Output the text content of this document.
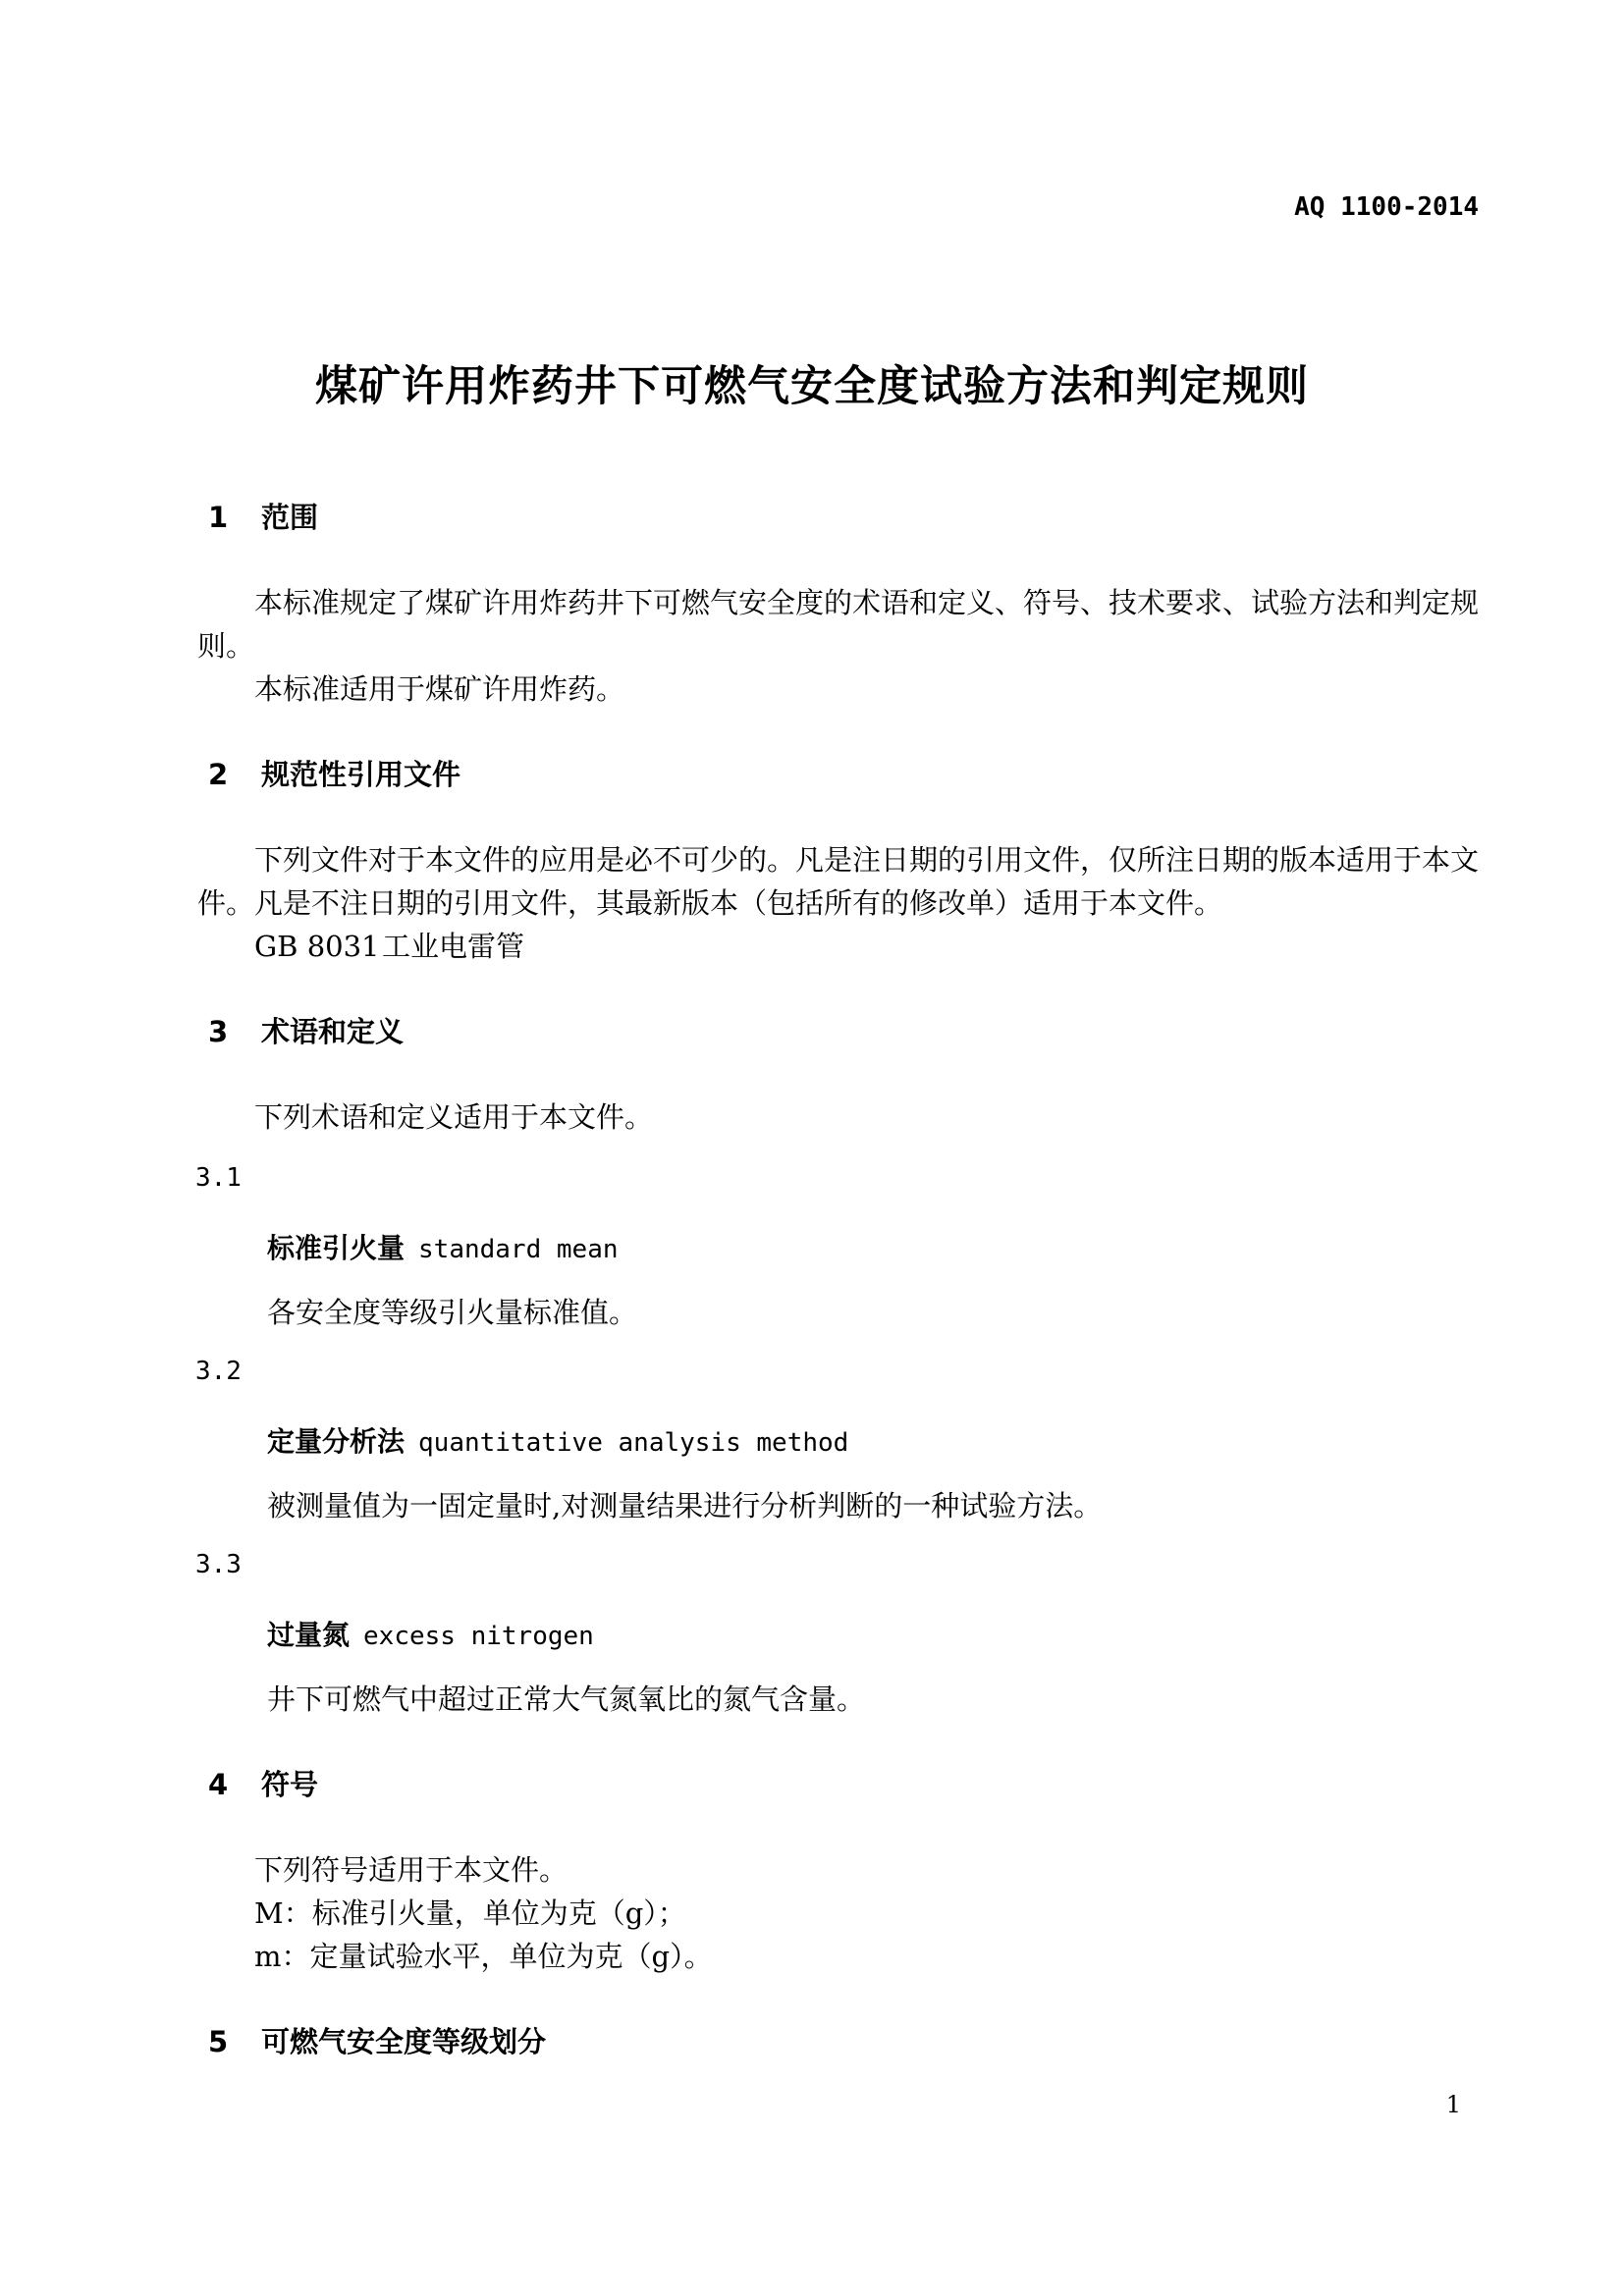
AQ 1100-2014
煤矿许用炸药井下可燃气安全度试验方法和判定规则
1 范围

本标准规定了煤矿许用炸药井下可燃气安全度的术语和定义、符号、技术要求、试验方法和判定规

则。

本标准适用于煤矿许用炸药。

2 规范性引用文件

下列文件对于本文件的应用是必不可少的。凡是注日期的引用文件，仅所注日期的版本适用于本文

件。凡是不注日期的引用文件，其最新版本（包括所有的修改单）适用于本文件。

GB 8031工业电雷管

3 术语和定义

下列术语和定义适用于本文件。

3.1
标准引火量 standard mean

各安全度等级引火量标准值。

3.2
定量分析法 quantitative analysis method

被测量值为一固定量时,对测量结果进行分析判断的一种试验方法。

3.3
过量氮 excess nitrogen

井下可燃气中超过正常大气氮氧比的氮气含量。

4 符号

下列符号适用于本文件。

M：标准引火量，单位为克（g）；

m：定量试验水平，单位为克（g）。

5 可燃气安全度等级划分
1
